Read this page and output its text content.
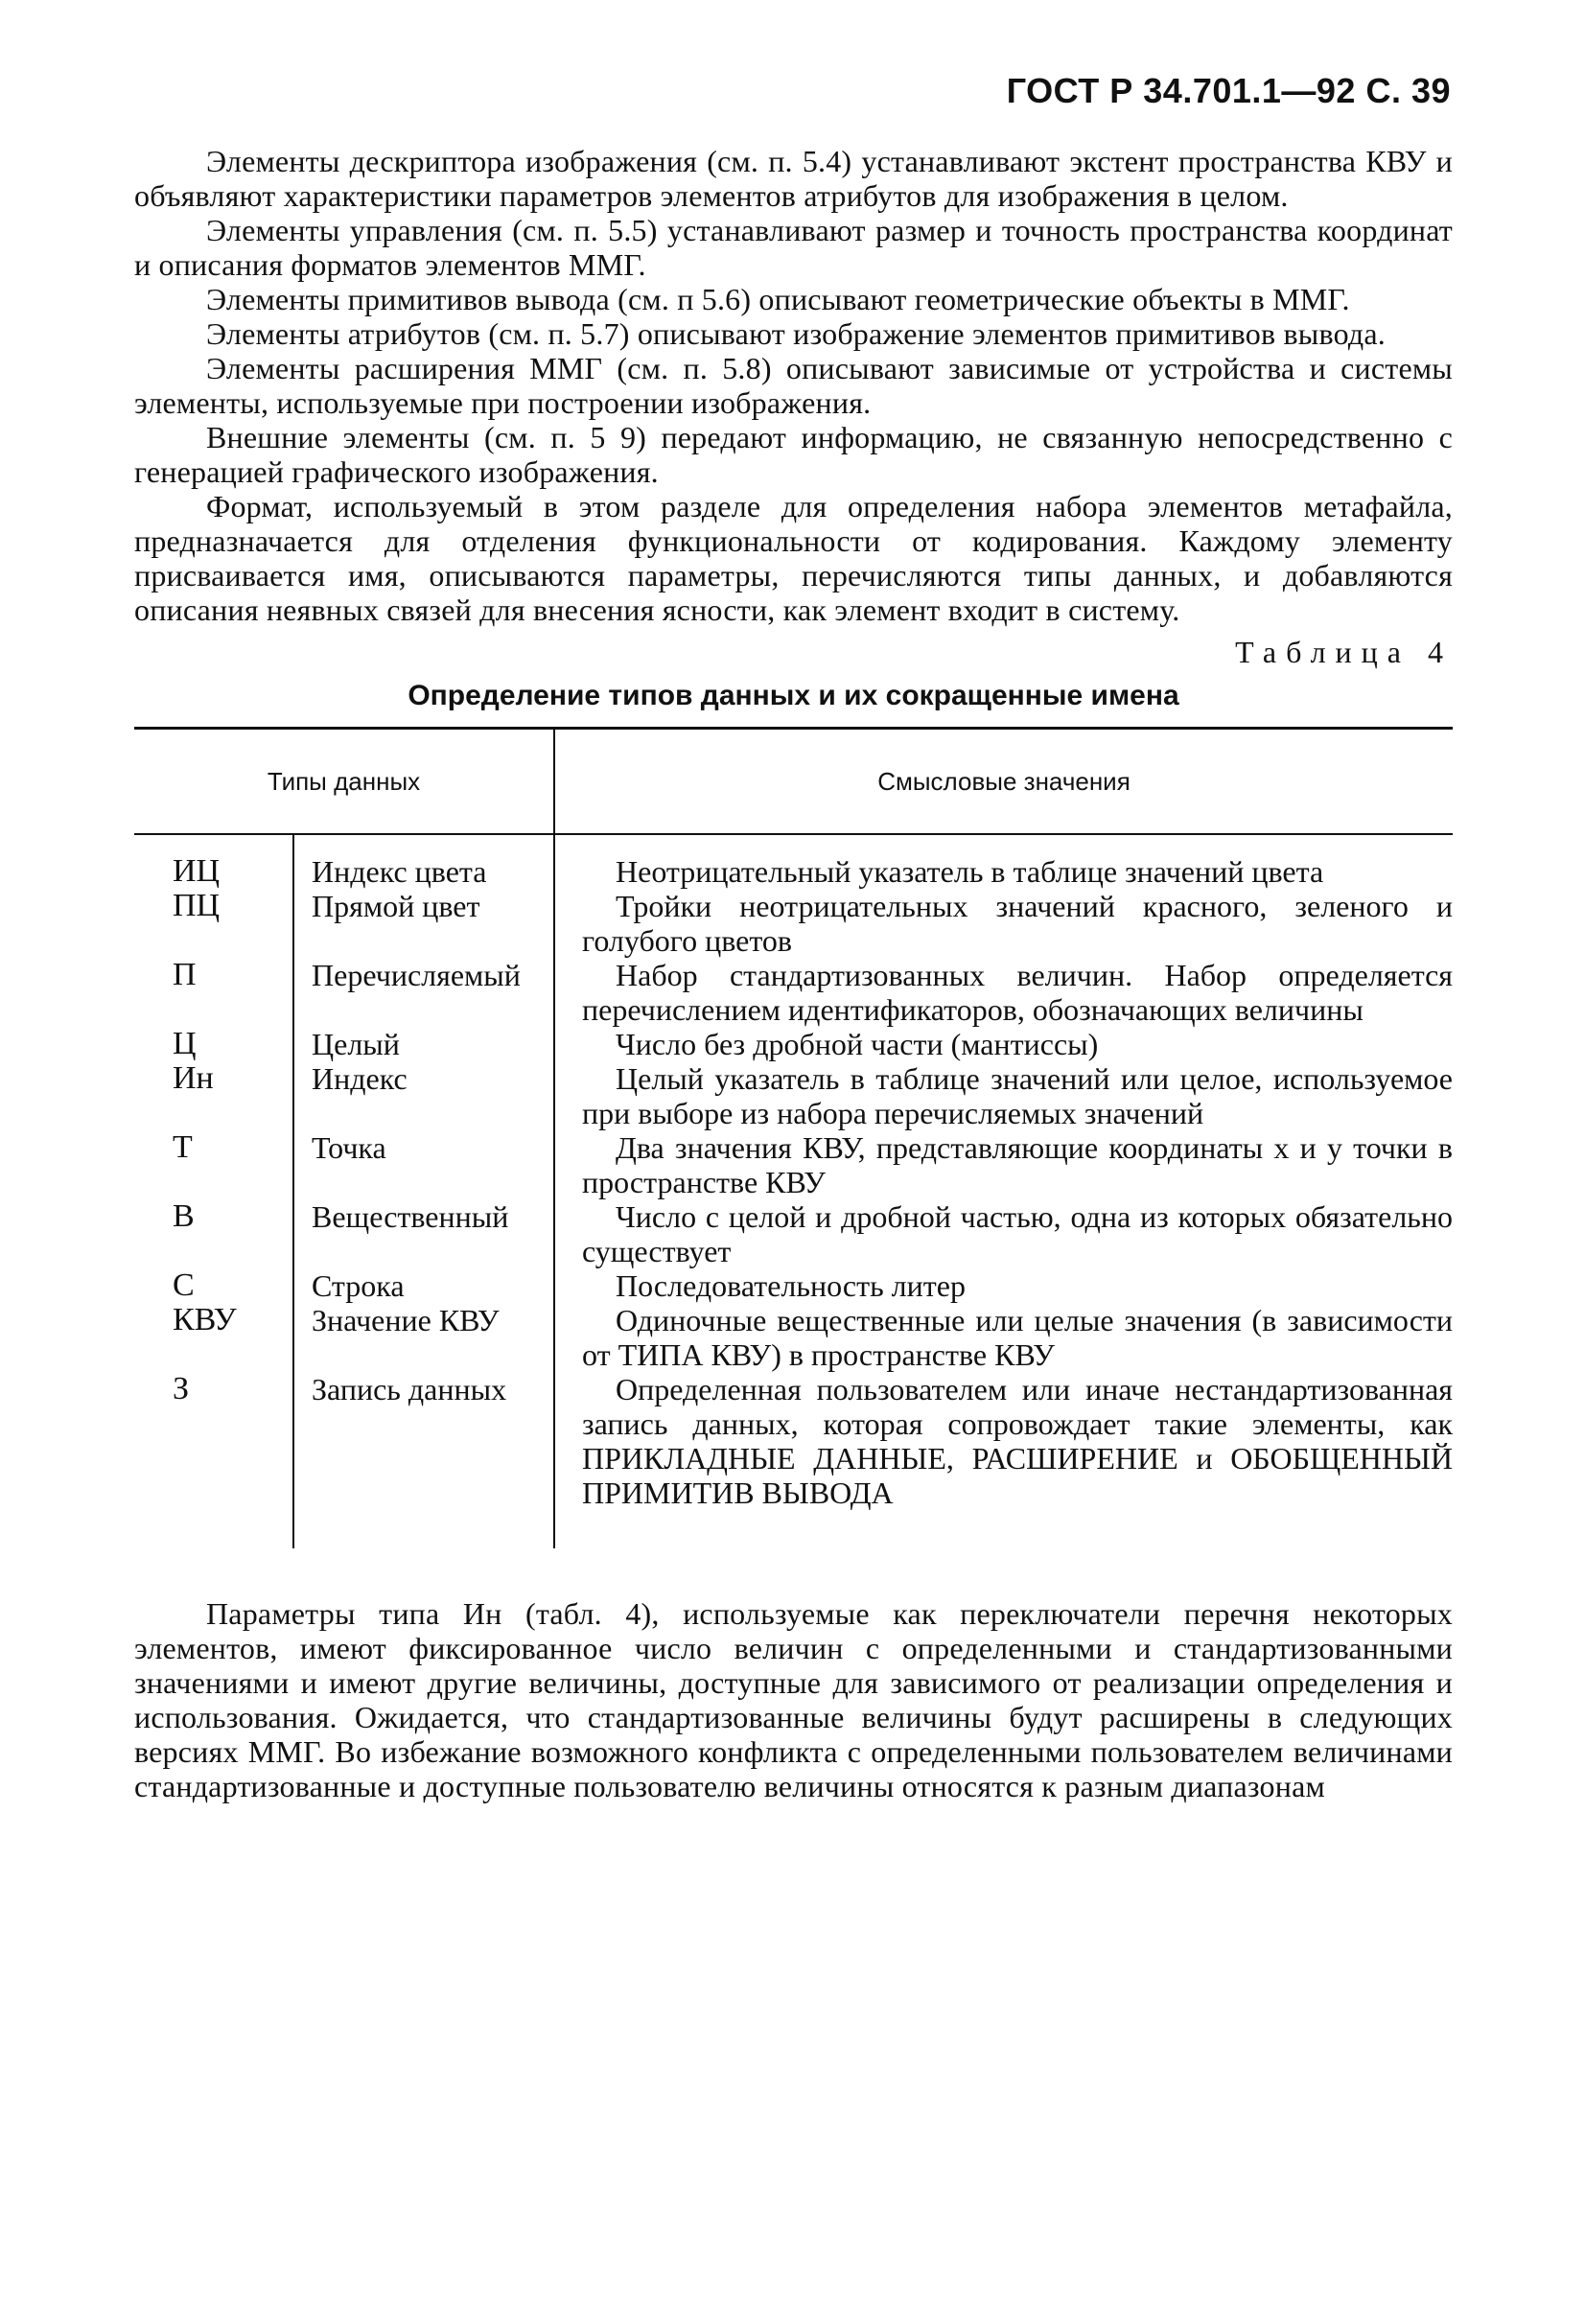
ГОСТ Р 34.701.1—92 С. 39

Элементы дескриптора изображения (см. п. 5.4) устанавливают экстент пространства КВУ и объявляют характеристики параметров элементов атрибутов для изображения в целом.

Элементы управления (см. п. 5.5) устанавливают размер и точность пространства координат и описания форматов элементов ММГ.

Элементы примитивов вывода (см. п 5.6) описывают геометрические объекты в ММГ.

Элементы атрибутов (см. п. 5.7) описывают изображение элементов примитивов вывода.

Элементы расширения ММГ (см. п. 5.8) описывают зависимые от устройства и системы элементы, используемые при построении изображения.

Внешние элементы (см. п. 5 9) передают информацию, не связанную непосредственно с генерацией графического изображения.

Формат, используемый в этом разделе для определения набора элементов метафайла, предназначается для отделения функциональности от кодирования. Каждому элементу присваивается имя, описываются параметры, перечисляются типы данных, и добавляются описания неявных связей для внесения ясности, как элемент входит в систему.

Таблица 4
Определение типов данных и их сокращенные имена
Типы данных	Смысловые значения
ИЦ	Индекс цвета	Неотрицательный указатель в таблице значений цвета
ПЦ	Прямой цвет	Тройки неотрицательных значений красного, зеленого и голубого цветов
П	Перечисляемый	Набор стандартизованных величин. Набор определяется перечислением идентификаторов, обозначающих величины
Ц	Целый	Число без дробной части (мантиссы)
Ин	Индекс	Целый указатель в таблице значений или целое, используемое при выборе из набора перечисляемых значений
Т	Точка	Два значения КВУ, представляющие координаты х и у точки в пространстве КВУ
В	Вещественный	Число с целой и дробной частью, одна из которых обязательно существует
С	Строка	Последовательность литер
КВУ	Значение КВУ	Одиночные вещественные или целые значения (в зависимости от ТИПА КВУ) в пространстве КВУ
З	Запись данных	Определенная пользователем или иначе нестандартизованная запись данных, которая сопровождает такие элементы, как ПРИКЛАДНЫЕ ДАННЫЕ, РАСШИРЕНИЕ и ОБОБЩЕННЫЙ ПРИМИТИВ ВЫВОДА

Параметры типа Ин (табл. 4), используемые как переключатели перечня некоторых элементов, имеют фиксированное число величин с определенными и стандартизованными значениями и имеют другие величины, доступные для зависимого от реализации определения и использования. Ожидается, что стандартизованные величины будут расширены в следующих версиях ММГ. Во избежание возможного конфликта с определенными пользователем величинами стандартизованные и доступные пользователю величины относятся к разным диапазонам
